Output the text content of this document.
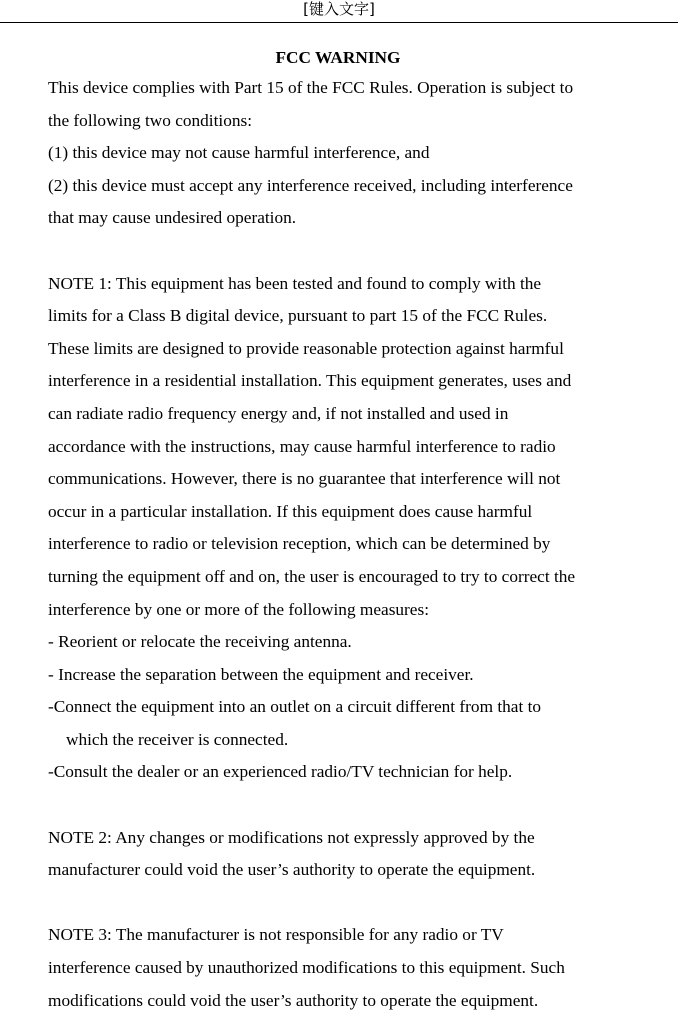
[键入文字]

FCC WARNING

This device complies with Part 15 of the FCC Rules. Operation is subject to

the following two conditions:

(1) this device may not cause harmful interference, and

(2) this device must accept any interference received, including interference

that may cause undesired operation.

NOTE 1: This equipment has been tested and found to comply with the

limits for a Class B digital device, pursuant to part 15 of the FCC Rules.

These limits are designed to provide reasonable protection against harmful

interference in a residential installation. This equipment generates, uses and

can radiate radio frequency energy and, if not installed and used in

accordance with the instructions, may cause harmful interference to radio

communications. However, there is no guarantee that interference will not

occur in a particular installation. If this equipment does cause harmful

interference to radio or television reception, which can be determined by

turning the equipment off and on, the user is encouraged to try to correct the

interference by one or more of the following measures:

- Reorient or relocate the receiving antenna.

- Increase the separation between the equipment and receiver.

-Connect the equipment into an outlet on a circuit different from that to

which the receiver is connected.

-Consult the dealer or an experienced radio/TV technician for help.

NOTE 2: Any changes or modifications not expressly approved by the

manufacturer could void the user’s authority to operate the equipment.

NOTE 3: The manufacturer is not responsible for any radio or TV

interference caused by unauthorized modifications to this equipment. Such

modifications could void the user’s authority to operate the equipment.
